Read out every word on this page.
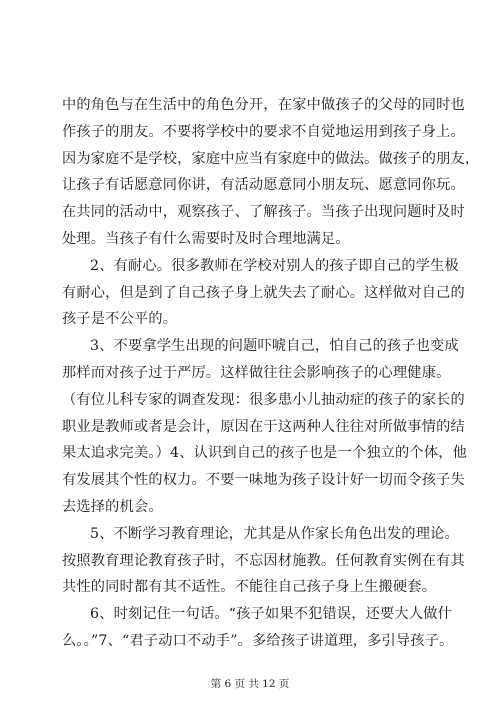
中的角色与在生活中的角色分开，在家中做孩子的父母的同时也
作孩子的朋友。不要将学校中的要求不自觉地运用到孩子身上。
因为家庭不是学校，家庭中应当有家庭中的做法。做孩子的朋友，
让孩子有话愿意同你讲，有活动愿意同小朋友玩、愿意同你玩。
在共同的活动中，观察孩子、了解孩子。当孩子出现问题时及时
处理。当孩子有什么需要时及时合理地满足。
2、有耐心。很多教师在学校对别人的孩子即自己的学生极
有耐心，但是到了自己孩子身上就失去了耐心。这样做对自己的
孩子是不公平的。
3、不要拿学生出现的问题吓唬自己，怕自己的孩子也变成
那样而对孩子过于严厉。这样做往往会影响孩子的心理健康。
（有位儿科专家的调查发现：很多患小儿抽动症的孩子的家长的
职业是教师或者是会计，原因在于这两种人往往对所做事情的结
果太追求完美。）4、认识到自己的孩子也是一个独立的个体，他
有发展其个性的权力。不要一味地为孩子设计好一切而令孩子失
去选择的机会。
5、不断学习教育理论，尤其是从作家长角色出发的理论。
按照教育理论教育孩子时，不忘因材施教。任何教育实例在有其
共性的同时都有其不适性。不能往自己孩子身上生搬硬套。
6、时刻记住一句话。“孩子如果不犯错误，还要大人做什
么。。”7、“君子动口不动手”。多给孩子讲道理，多引导孩子。
第 6 页 共 12 页
